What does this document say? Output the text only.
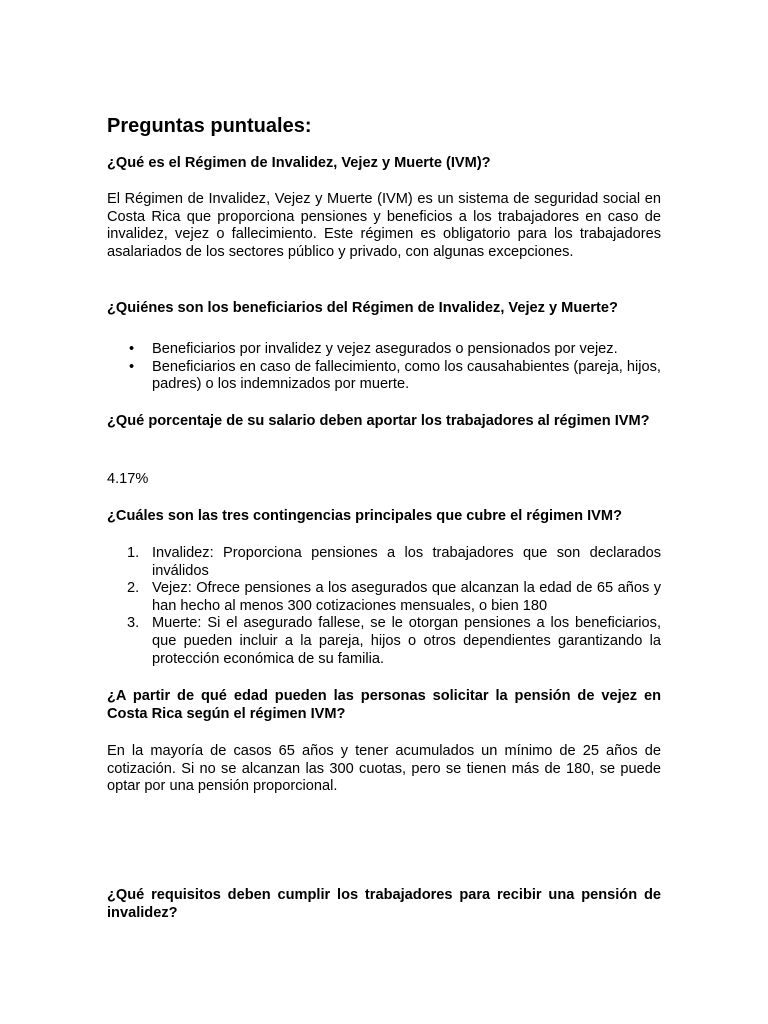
Preguntas puntuales:

¿Qué es el Régimen de Invalidez, Vejez y Muerte (IVM)?

El Régimen de Invalidez, Vejez y Muerte (IVM) es un sistema de seguridad social en Costa Rica que proporciona pensiones y beneficios a los trabajadores en caso de invalidez, vejez o fallecimiento. Este régimen es obligatorio para los trabajadores asalariados de los sectores público y privado, con algunas excepciones.

¿Quiénes son los beneficiarios del Régimen de Invalidez, Vejez y Muerte?

•	Beneficiarios por invalidez y vejez asegurados o pensionados por vejez.
•	Beneficiarios en caso de fallecimiento, como los causahabientes (pareja, hijos, padres) o los indemnizados por muerte.

¿Qué porcentaje de su salario deben aportar los trabajadores al régimen IVM?

4.17%

¿Cuáles son las tres contingencias principales que cubre el régimen IVM?

1. Invalidez: Proporciona pensiones a los trabajadores que son declarados inválidos
2. Vejez: Ofrece pensiones a los asegurados que alcanzan la edad de 65 años y han hecho al menos 300 cotizaciones mensuales, o bien 180
3. Muerte: Si el asegurado fallese, se le otorgan pensiones a los beneficiarios, que pueden incluir a la pareja, hijos o otros dependientes garantizando la protección económica de su familia.

¿A partir de qué edad pueden las personas solicitar la pensión de vejez en Costa Rica según el régimen IVM?

En la mayoría de casos 65 años y tener acumulados un mínimo de 25 años de cotización. Si no se alcanzan las 300 cuotas, pero se tienen más de 180, se puede optar por una pensión proporcional.

¿Qué requisitos deben cumplir los trabajadores para recibir una pensión de invalidez?
